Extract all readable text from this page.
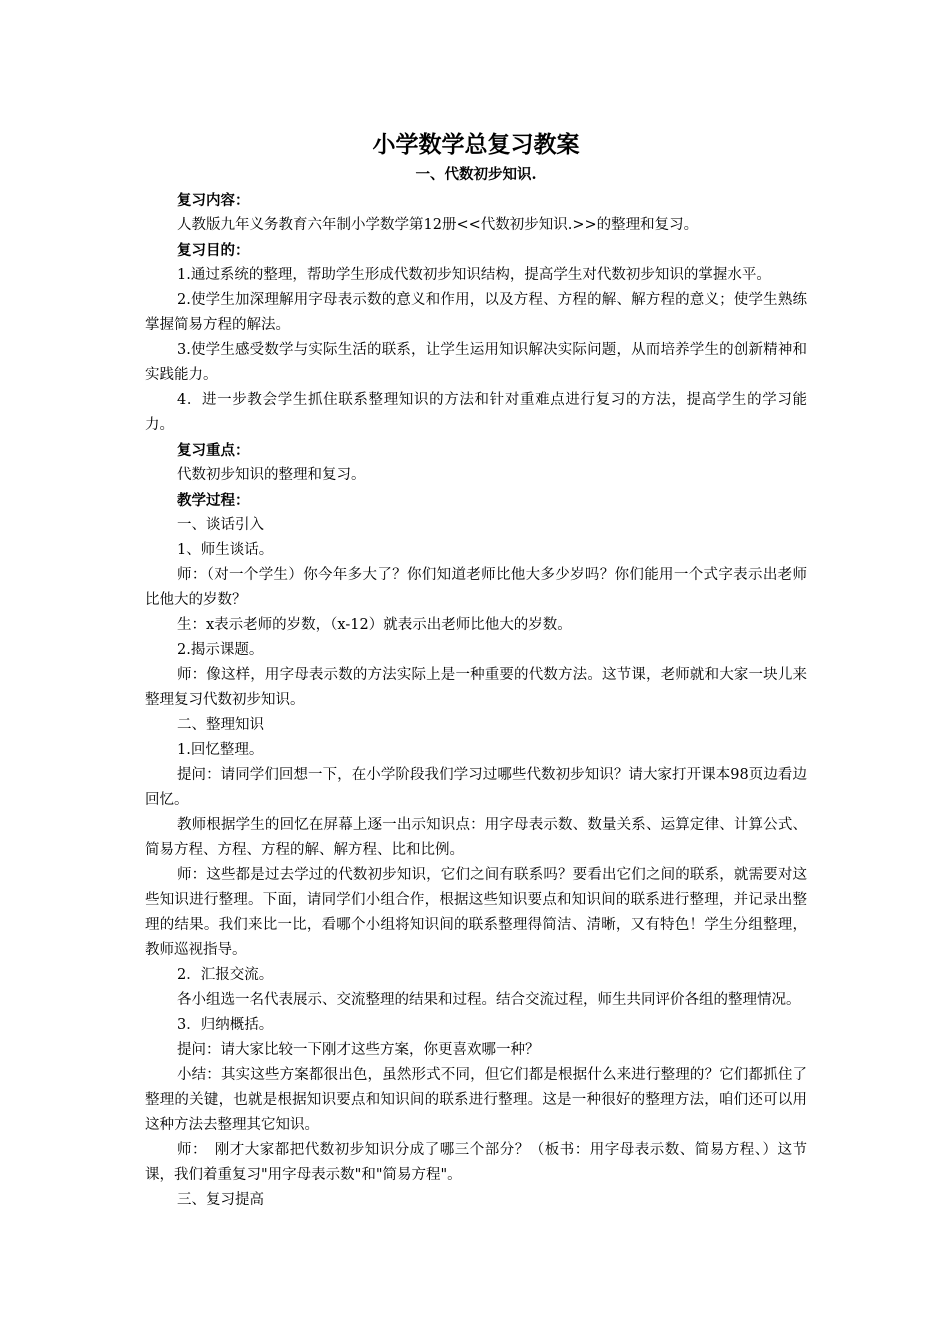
小学数学总复习教案
一、代数初步知识.

复习内容：

人教版九年义务教育六年制小学数学第12册<<代数初步知识.>>的整理和复习。

复习目的：

1.通过系统的整理，帮助学生形成代数初步知识结构，提高学生对代数初步知识的掌握水平。

2.使学生加深理解用字母表示数的意义和作用，以及方程、方程的解、解方程的意义；使学生熟练掌握简易方程的解法。

3.使学生感受数学与实际生活的联系，让学生运用知识解决实际问题，从而培养学生的创新精神和实践能力。

4．进一步教会学生抓住联系整理知识的方法和针对重难点进行复习的方法，提高学生的学习能力。

复习重点：

代数初步知识的整理和复习。

教学过程：

一、谈话引入

1、师生谈话。

师：（对一个学生）你今年多大了？你们知道老师比他大多少岁吗？你们能用一个式字表示出老师比他大的岁数？

生：x表示老师的岁数，（x-12）就表示出老师比他大的岁数。

2.揭示课题。

师：像这样，用字母表示数的方法实际上是一种重要的代数方法。这节课，老师就和大家一块儿来整理复习代数初步知识。

二、整理知识

1.回忆整理。

提问：请同学们回想一下，在小学阶段我们学习过哪些代数初步知识？请大家打开课本98页边看边回忆。

教师根据学生的回忆在屏幕上逐一出示知识点：用字母表示数、数量关系、运算定律、计算公式、简易方程、方程、方程的解、解方程、比和比例。

师：这些都是过去学过的代数初步知识，它们之间有联系吗？要看出它们之间的联系，就需要对这些知识进行整理。下面，请同学们小组合作，根据这些知识要点和知识间的联系进行整理，并记录出整理的结果。我们来比一比，看哪个小组将知识间的联系整理得简洁、清晰，又有特色！学生分组整理，教师巡视指导。

2．汇报交流。

各小组选一名代表展示、交流整理的结果和过程。结合交流过程，师生共同评价各组的整理情况。

3．归纳概括。

提问：请大家比较一下刚才这些方案，你更喜欢哪一种？

小结：其实这些方案都很出色，虽然形式不同，但它们都是根据什么来进行整理的？它们都抓住了整理的关键，也就是根据知识要点和知识间的联系进行整理。这是一种很好的整理方法，咱们还可以用这种方法去整理其它知识。

师：　刚才大家都把代数初步知识分成了哪三个部分？（板书：用字母表示数、简易方程、）这节课，我们着重复习"用字母表示数"和"简易方程"。

三、复习提高
